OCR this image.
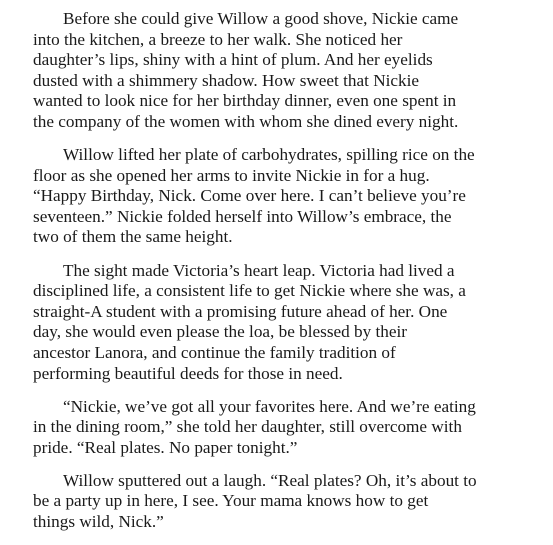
Before she could give Willow a good shove, Nickie came
into the kitchen, a breeze to her walk. She noticed her
daughter’s lips, shiny with a hint of plum. And her eyelids
dusted with a shimmery shadow. How sweet that Nickie
wanted to look nice for her birthday dinner, even one spent in
the company of the women with whom she dined every night.

Willow lifted her plate of carbohydrates, spilling rice on the
floor as she opened her arms to invite Nickie in for a hug.
“Happy Birthday, Nick. Come over here. I can’t believe you’re
seventeen.” Nickie folded herself into Willow’s embrace, the
two of them the same height.

The sight made Victoria’s heart leap. Victoria had lived a
disciplined life, a consistent life to get Nickie where she was, a
straight-A student with a promising future ahead of her. One
day, she would even please the loa, be blessed by their
ancestor Lanora, and continue the family tradition of
performing beautiful deeds for those in need.

“Nickie, we’ve got all your favorites here. And we’re eating
in the dining room,” she told her daughter, still overcome with
pride. “Real plates. No paper tonight.”

Willow sputtered out a laugh. “Real plates? Oh, it’s about to
be a party up in here, I see. Your mama knows how to get
things wild, Nick.”
